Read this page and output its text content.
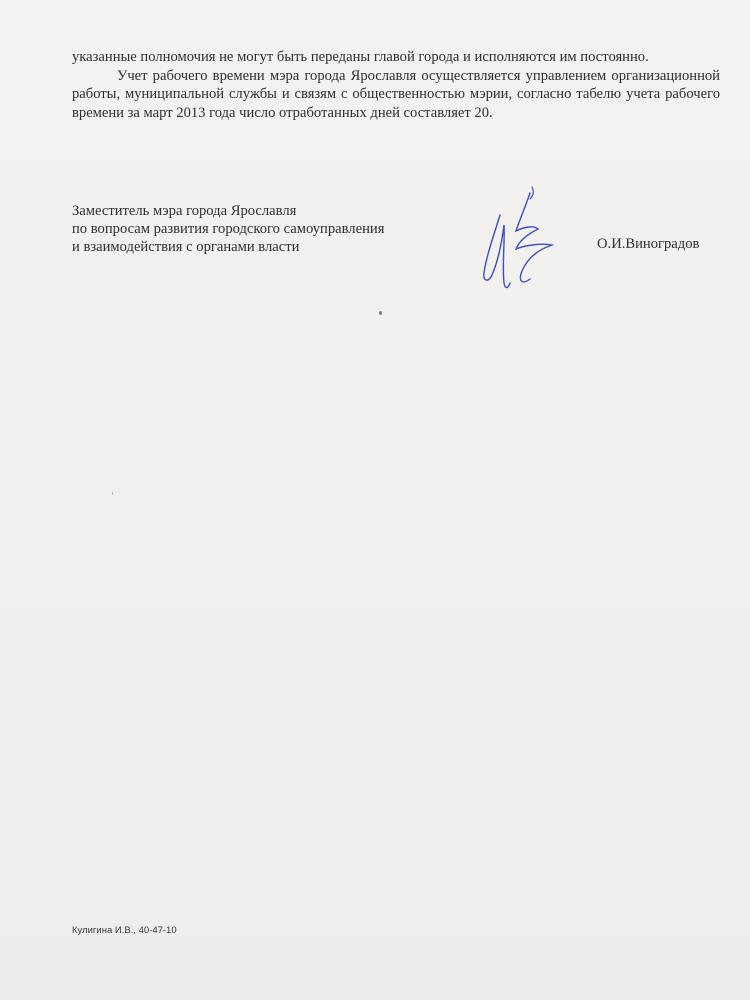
указанные полномочия не могут быть переданы главой города и исполняются им постоянно.

Учет рабочего времени мэра города Ярославля осуществляется управлением организационной работы, муниципальной службы и связям с общественностью мэрии, согласно табелю учета рабочего времени за март 2013 года число отработанных дней составляет 20.

Заместитель мэра города Ярославля
по вопросам развития городского самоуправления
и взаимодействия с органами власти	О.И.Виноградов
Кулигина И.В., 40-47-10
